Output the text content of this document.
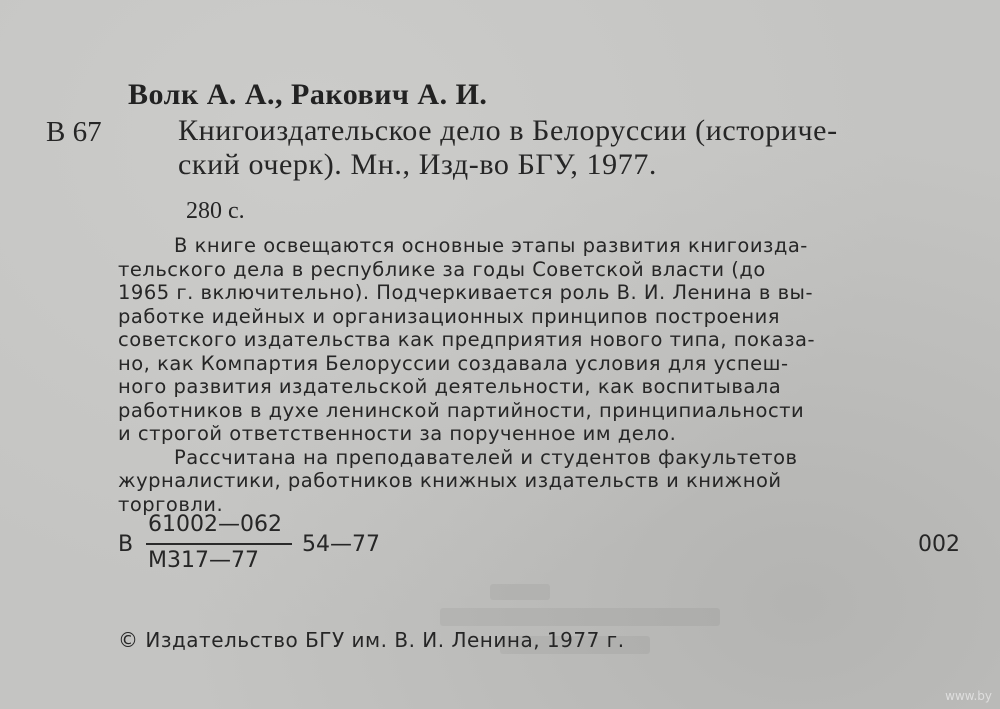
Волк А. А., Ракович А. И.
В 67	Книгоиздательское дело в Белоруссии (историче-
ский очерк). Мн., Изд-во БГУ, 1977.
280 с.
В книге освещаются основные этапы развития книгоизда-
тельского дела в республике за годы Советской власти (до
1965 г. включительно). Подчеркивается роль В. И. Ленина в вы-
работке идейных и организационных принципов построения
советского издательства как предприятия нового типа, показа-
но, как Компартия Белоруссии создавала условия для успеш-
ного развития издательской деятельности, как воспитывала
работников в духе ленинской партийности, принципиальности
и строгой ответственности за порученное им дело.
Рассчитана на преподавателей и студентов факультетов
журналистики, работников книжных издательств и книжной
торговли.
В
61002—062
М317—77
54—77	002
© Издательство БГУ им. В. И. Ленина, 1977 г.
www.by
